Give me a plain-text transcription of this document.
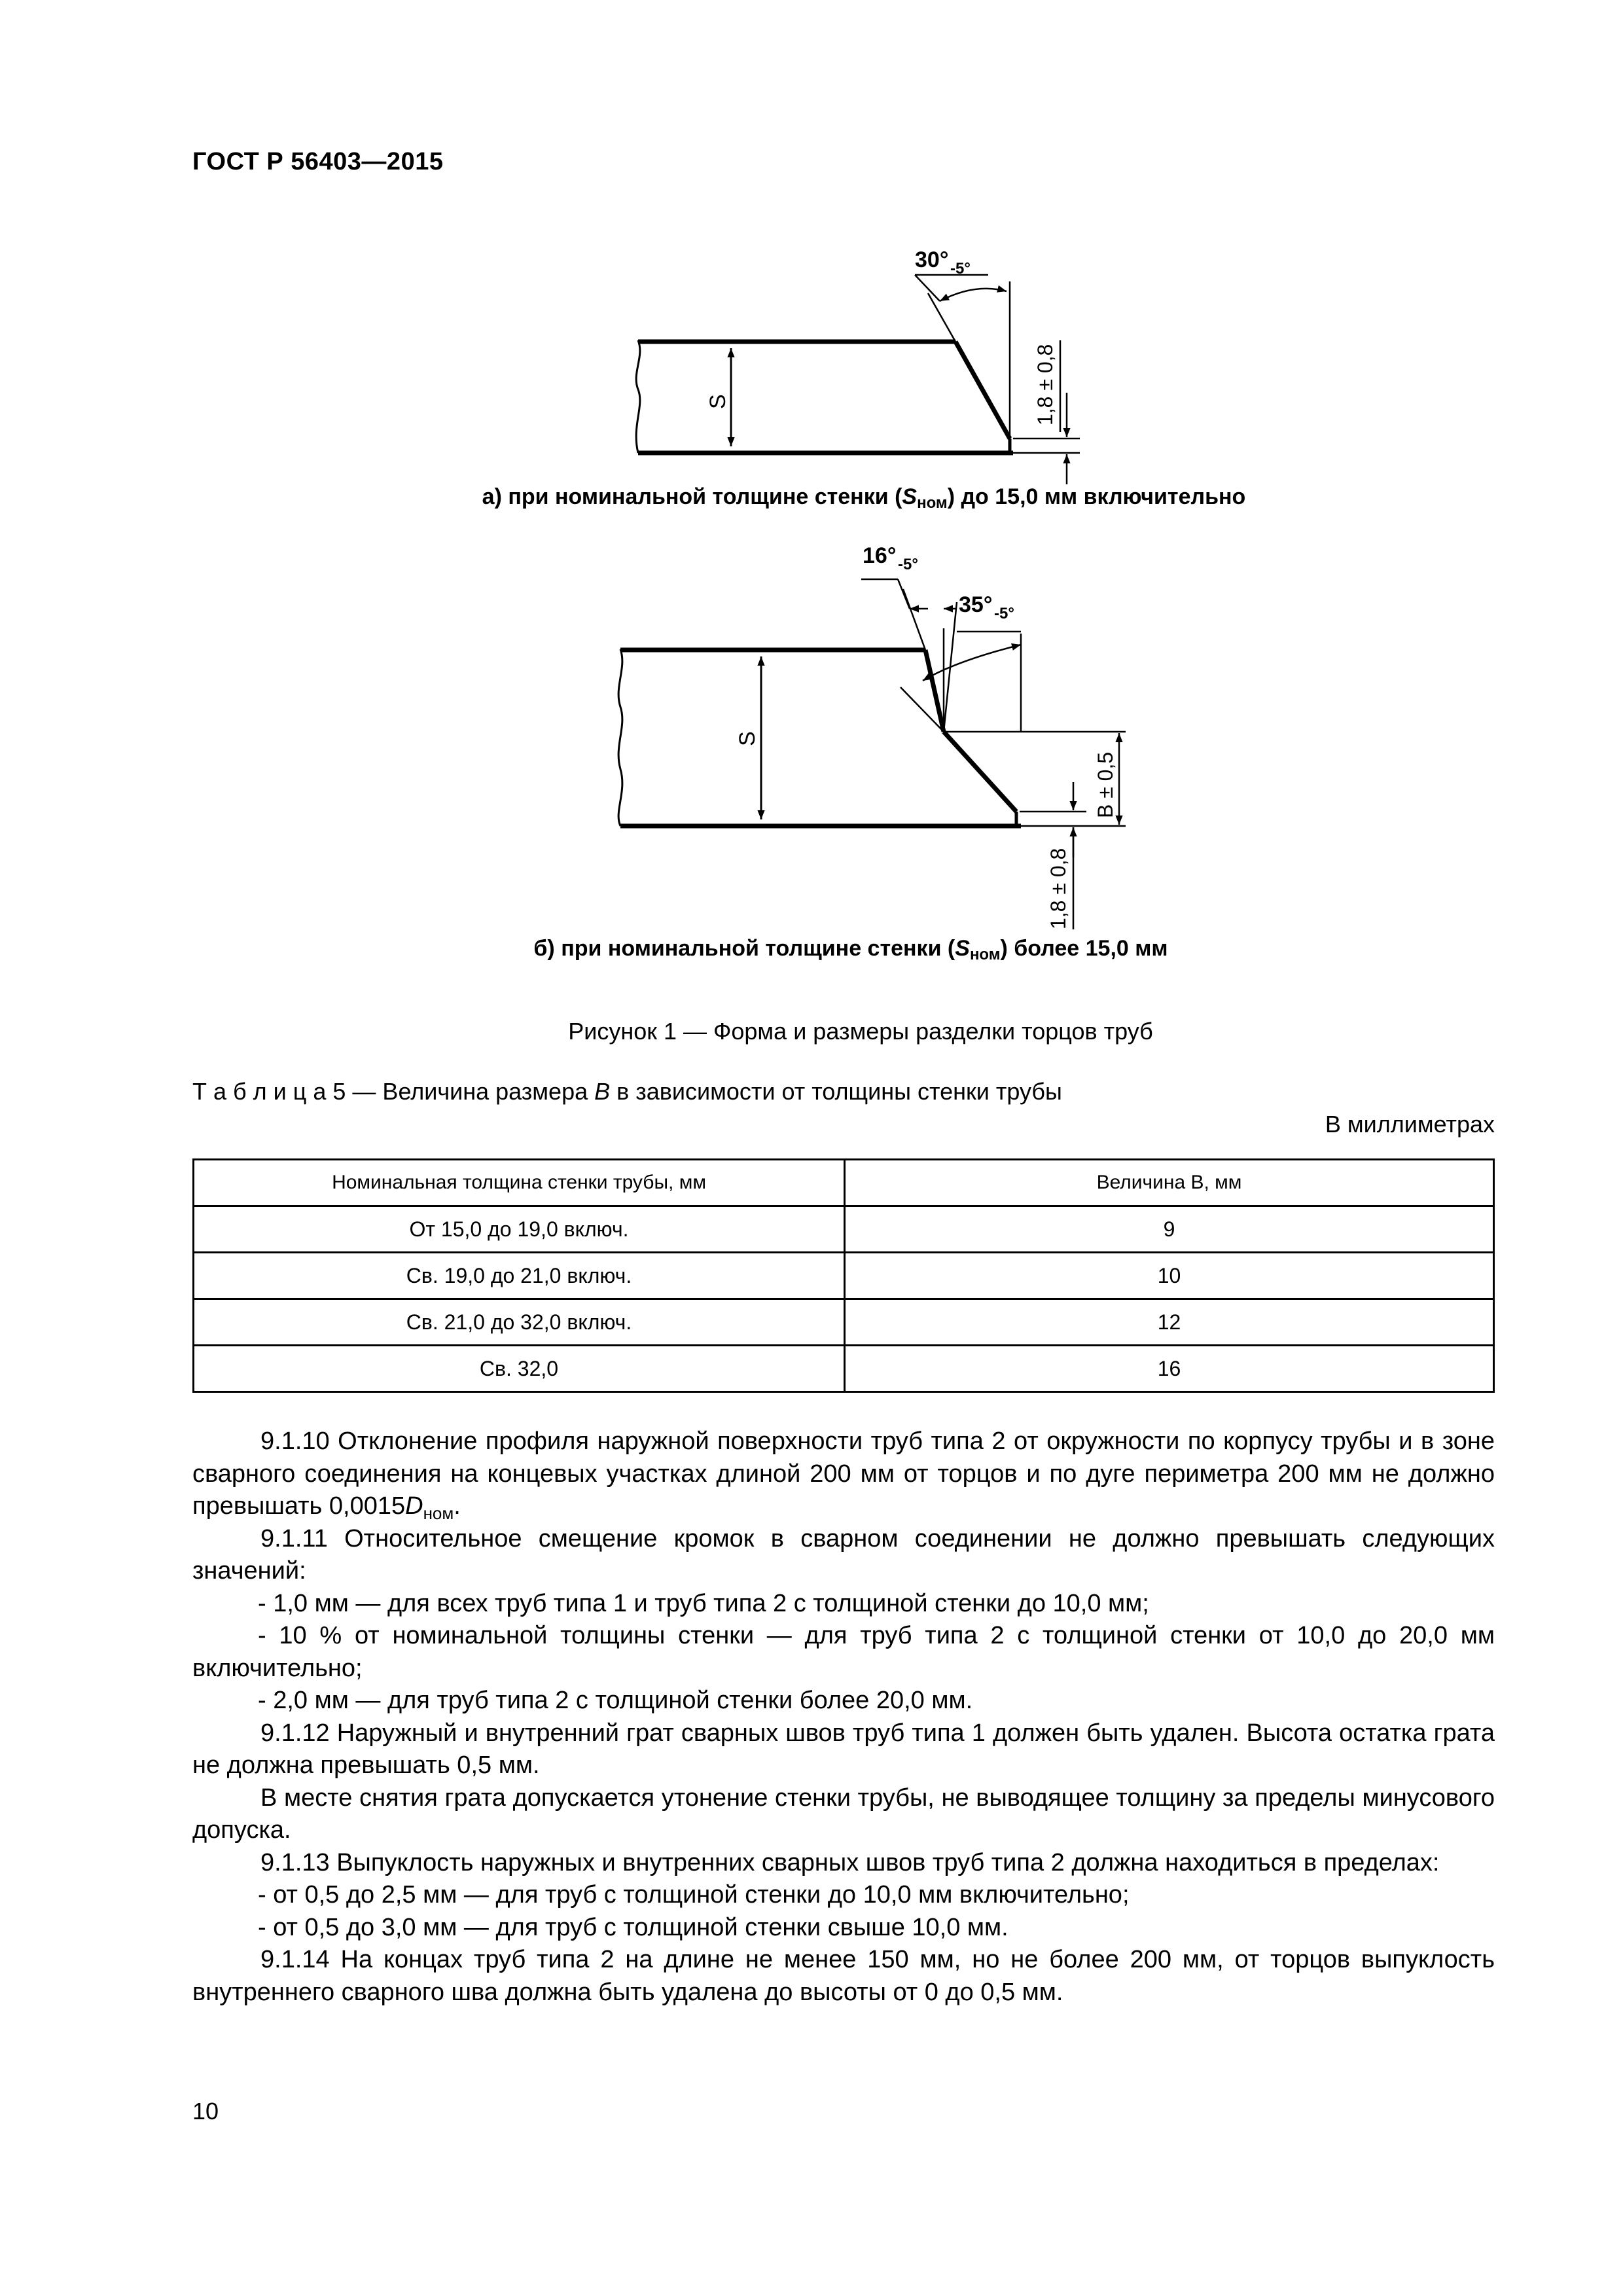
ГОСТ Р 56403—2015
30° -5°
S	1,8 ± 0,8
16° -5°
35° -5°
S
B ± 0,5
1,8 ± 0,8
а) при номинальной толщине стенки $(S_{ном})$ до 15,0 мм включительно
б) при номинальной толщине стенки $(S_{ном})$ более 15,0 мм
Рисунок 1 — Форма и размеры разделки торцов труб
Т а б л и ц а 5 — Величина размера B в зависимости от толщины стенки трубы
В миллиметрах
Номинальная толщина стенки трубы, мм	Величина B, мм
От 15,0 до 19,0 включ.	9
Св. 19,0 до 21,0 включ.	10
Св. 21,0 до 32,0 включ.	12
Св. 32,0	16

9.1.10 Отклонение профиля наружной поверхности труб типа 2 от окружности по корпусу трубы и в зоне сварного соединения на концевых участках длиной 200 мм от торцов и по дуге периметра 200 мм не должно превышать $0,0015D_{ном}$.

9.1.11 Относительное смещение кромок в сварном соединении не должно превышать следующих значений:

- 1,0 мм — для всех труб типа 1 и труб типа 2 с толщиной стенки до 10,0 мм;

- 10 % от номинальной толщины стенки — для труб типа 2 с толщиной стенки от 10,0 до 20,0 мм включительно;

- 2,0 мм — для труб типа 2 с толщиной стенки более 20,0 мм.

9.1.12 Наружный и внутренний грат сварных швов труб типа 1 должен быть удален. Высота остатка грата не должна превышать 0,5 мм.

В месте снятия грата допускается утонение стенки трубы, не выводящее толщину за пределы минусового допуска.

9.1.13 Выпуклость наружных и внутренних сварных швов труб типа 2 должна находиться в пределах:

- от 0,5 до 2,5 мм — для труб с толщиной стенки до 10,0 мм включительно;

- от 0,5 до 3,0 мм — для труб с толщиной стенки свыше 10,0 мм.

9.1.14 На концах труб типа 2 на длине не менее 150 мм, но не более 200 мм, от торцов выпуклость внутреннего сварного шва должна быть удалена до высоты от 0 до 0,5 мм.

10
